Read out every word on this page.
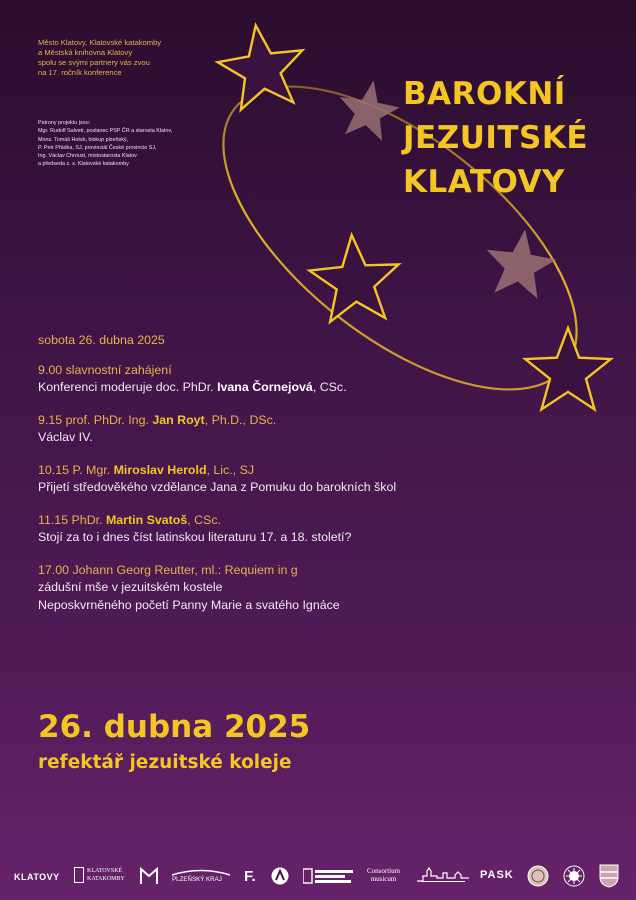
Město Klatovy, Klatovské katakomby
a Městská knihovna Klatovy
spolu se svými partnery vás zvou
na 17. ročník konference
Patrony projektu jsou:
Mgr. Rudolf Salvetr, poslanec PSP ČR a starosta Klatov,
Mons. Tomáš Holub, biskup plzeňský,
P. Petr Přádka, SJ, provinciál České provincie SJ,
Ing. Václav Chroust, místostarosta Klatov
a předseda z. s. Klatovské katakomby
BAROKNÍ
JEZUITSKÉ
KLATOVY
sobota 26. dubna 2025
9.00 slavnostní zahájení
Konferenci moderuje doc. PhDr. Ivana Čornejová, CSc.
9.15 prof. PhDr. Ing. Jan Royt, Ph.D., DSc.
Václav IV.
10.15 P. Mgr. Miroslav Herold, Lic., SJ
Přijetí středověkého vzdělance Jana z Pomuku do barokních škol
11.15 PhDr. Martin Svatoš, CSc.
Stojí za to i dnes číst latinskou literaturu 17. a 18. století?
17.00 Johann Georg Reutter, ml.: Requiem in g
zádušní mše v jezuitském kostele
Neposkvrněného početí Panny Marie a svatého Ignáce
26. dubna 2025
refektář jezuitské koleje
KLATOVY
KLATOVSKÉ
KATAKOMBY	PLZEŇSKÝ KRAJ	F.	Consortium
musicum	PASK
